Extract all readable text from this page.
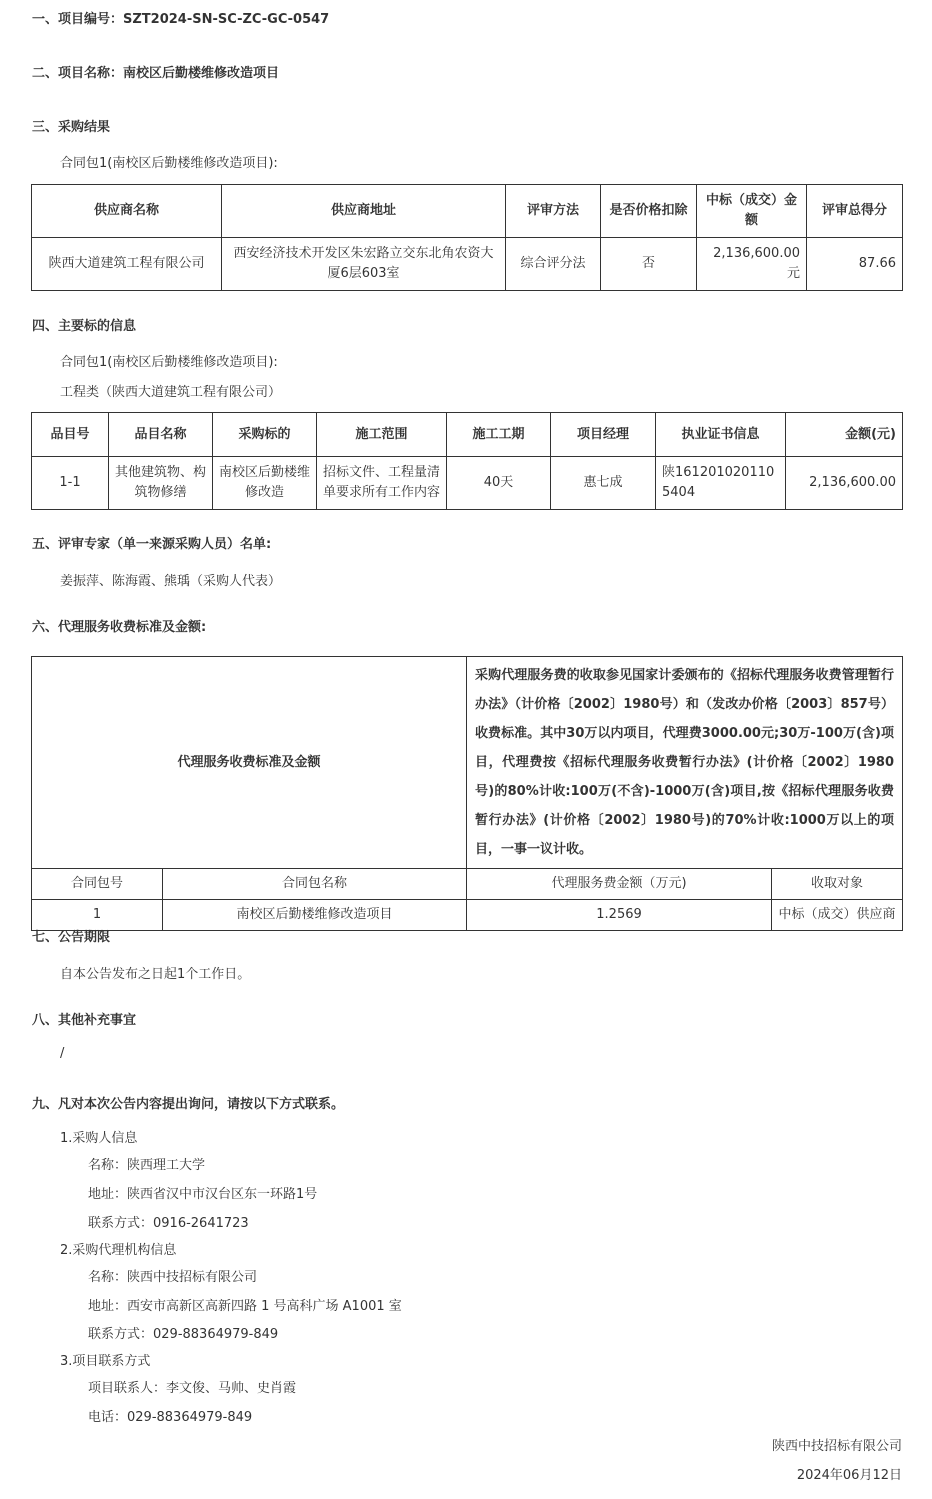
一、项目编号：SZT2024-SN-SC-ZC-GC-0547
二、项目名称：南校区后勤楼维修改造项目
三、采购结果
合同包1(南校区后勤楼维修改造项目):
供应商名称	供应商地址	评审方法	是否价格扣除	中标（成交）金额	评审总得分
陕西大道建筑工程有限公司	西安经济技术开发区朱宏路立交东北角农资大厦6层603室	综合评分法	否	2,136,600.00元	87.66
四、主要标的信息
合同包1(南校区后勤楼维修改造项目):
工程类（陕西大道建筑工程有限公司）
品目号	品目名称	采购标的	施工范围	施工工期	项目经理	执业证书信息	金额(元)
1-1	其他建筑物、构筑物修缮	南校区后勤楼维修改造	招标文件、工程量清单要求所有工作内容	40天	惠七成	陕1612010201105404	2,136,600.00
五、评审专家（单一来源采购人员）名单:
姜振萍、陈海霞、熊瑀（采购人代表）
六、代理服务收费标准及金额:
代理服务收费标准及金额		采购代理服务费的收取参见国家计委颁布的《招标代理服务收费管理暂行办法》（计价格〔2002〕1980号）和（发改办价格〔2003〕857号）收费标准。其中30万以内项目，代理费3000.00元;30万-100万(含)项目，代理费按《招标代理服务收费暂行办法》(计价格〔2002〕1980号)的80%计收:100万(不含)-1000万(含)项目,按《招标代理服务收费暂行办法》(计价格〔2002〕1980号)的70%计收:1000万以上的项目，一事一议计收。	
合同包号	合同包名称	代理服务费金额（万元)	收取对象
1	南校区后勤楼维修改造项目	1.2569	中标（成交）供应商
七、公告期限
自本公告发布之日起1个工作日。
八、其他补充事宜
/
九、凡对本次公告内容提出询问，请按以下方式联系。
1.采购人信息
名称：陕西理工大学
地址：陕西省汉中市汉台区东一环路1号
联系方式：0916-2641723
2.采购代理机构信息
名称：陕西中技招标有限公司
地址：西安市高新区高新四路 1 号高科广场 A1001 室
联系方式：029-88364979-849
3.项目联系方式
项目联系人：李文俊、马帅、史肖霞
电话：029-88364979-849
陕西中技招标有限公司
2024年06月12日
